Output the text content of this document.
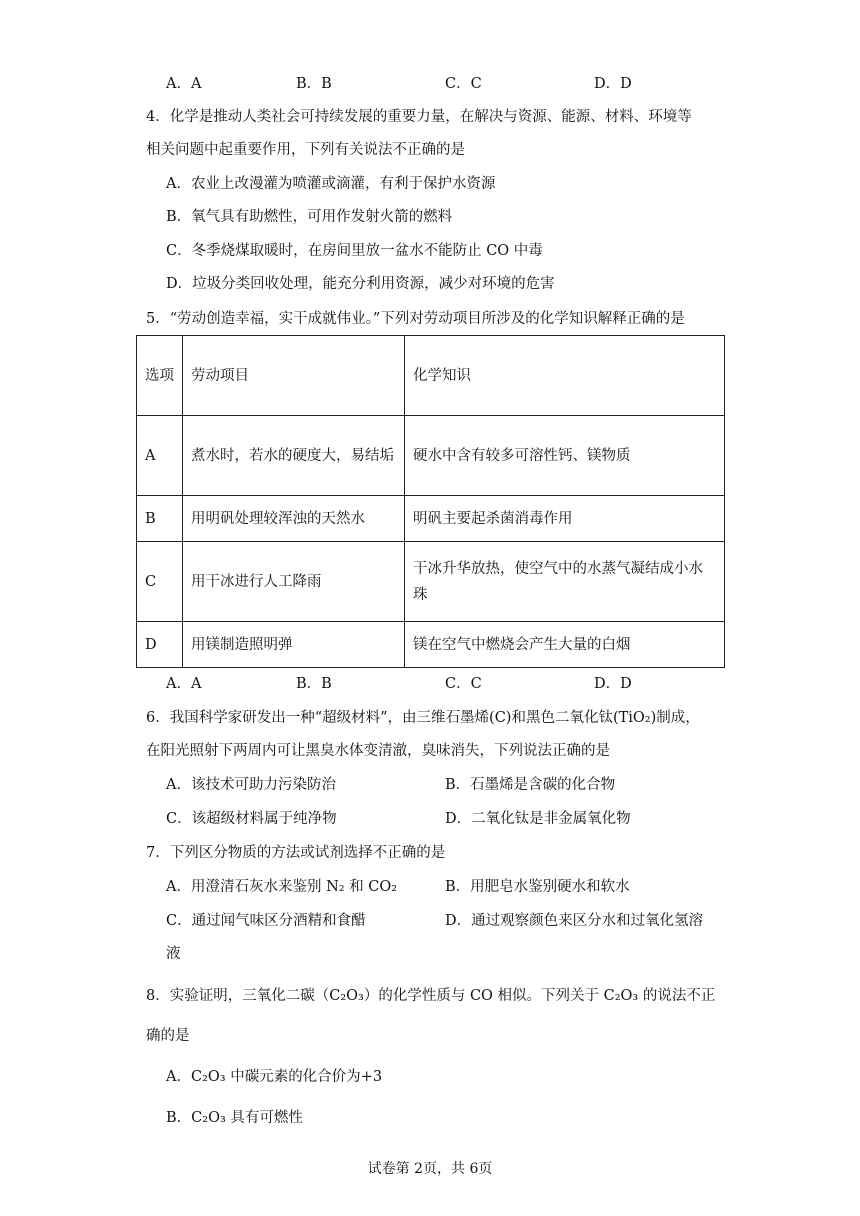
A．A	B．B	C．C	D．D
4．化学是推动人类社会可持续发展的重要力量，在解决与资源、能源、材料、环境等
相关问题中起重要作用，下列有关说法不正确的是
A．农业上改漫灌为喷灌或滴灌，有利于保护水资源
B．氧气具有助燃性，可用作发射火箭的燃料
C．冬季烧煤取暖时，在房间里放一盆水不能防止 CO 中毒
D．垃圾分类回收处理，能充分利用资源，减少对环境的危害
5．“劳动创造幸福，实干成就伟业。”下列对劳动项目所涉及的化学知识解释正确的是
选项	劳动项目	化学知识
A	煮水时，若水的硬度大，易结垢	硬水中含有较多可溶性钙、镁物质
B	用明矾处理较浑浊的天然水	明矾主要起杀菌消毒作用
C	用干冰进行人工降雨	干冰升华放热，使空气中的水蒸气凝结成小水珠
D	用镁制造照明弹	镁在空气中燃烧会产生大量的白烟
A．A	B．B	C．C	D．D
6．我国科学家研发出一种“超级材料”，由三维石墨烯(C)和黑色二氧化钛(TiO₂)制成，
在阳光照射下两周内可让黑臭水体变清澈，臭味消失，下列说法正确的是
A．该技术可助力污染防治	B．石墨烯是含碳的化合物
C．该超级材料属于纯净物	D．二氧化钛是非金属氧化物
7．下列区分物质的方法或试剂选择不正确的是
A．用澄清石灰水来鉴别 N₂ 和 CO₂	B．用肥皂水鉴别硬水和软水
C．通过闻气味区分酒精和食醋	D．通过观察颜色来区分水和过氧化氢溶
液
8．实验证明，三氧化二碳（C₂O₃）的化学性质与 CO 相似。下列关于 C₂O₃ 的说法不正
确的是
A．C₂O₃ 中碳元素的化合价为+3
B．C₂O₃ 具有可燃性
试卷第 2页，共 6页
